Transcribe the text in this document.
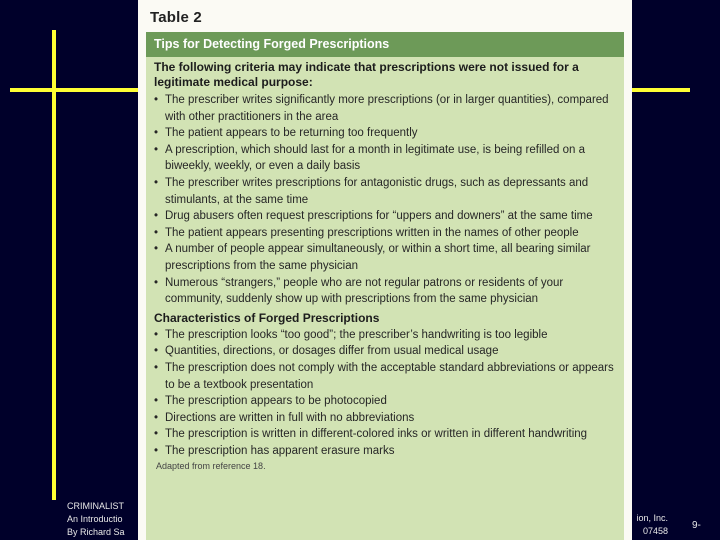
CRIMINALIST
An Introductio
By Richard Sa
ion, Inc.
07458 9-
Table 2
Tips for Detecting Forged Prescriptions
The following criteria may indicate that prescriptions were not issued for a legitimate medical purpose:
• The prescriber writes significantly more prescriptions (or in larger quantities), compared with other practitioners in the area
• The patient appears to be returning too frequently
• A prescription, which should last for a month in legitimate use, is being refilled on a biweekly, weekly, or even a daily basis
• The prescriber writes prescriptions for antagonistic drugs, such as depressants and stimulants, at the same time
• Drug abusers often request prescriptions for “uppers and downers” at the same time
• The patient appears presenting prescriptions written in the names of other people
• A number of people appear simultaneously, or within a short time, all bearing similar prescriptions from the same physician
• Numerous “strangers,” people who are not regular patrons or residents of your community, suddenly show up with prescriptions from the same physician
Characteristics of Forged Prescriptions
• The prescription looks “too good”; the prescriber’s handwriting is too legible
• Quantities, directions, or dosages differ from usual medical usage
• The prescription does not comply with the acceptable standard abbreviations or appears to be a textbook presentation
• The prescription appears to be photocopied
• Directions are written in full with no abbreviations
• The prescription is written in different-colored inks or written in different handwriting
• The prescription has apparent erasure marks
Adapted from reference 18.
